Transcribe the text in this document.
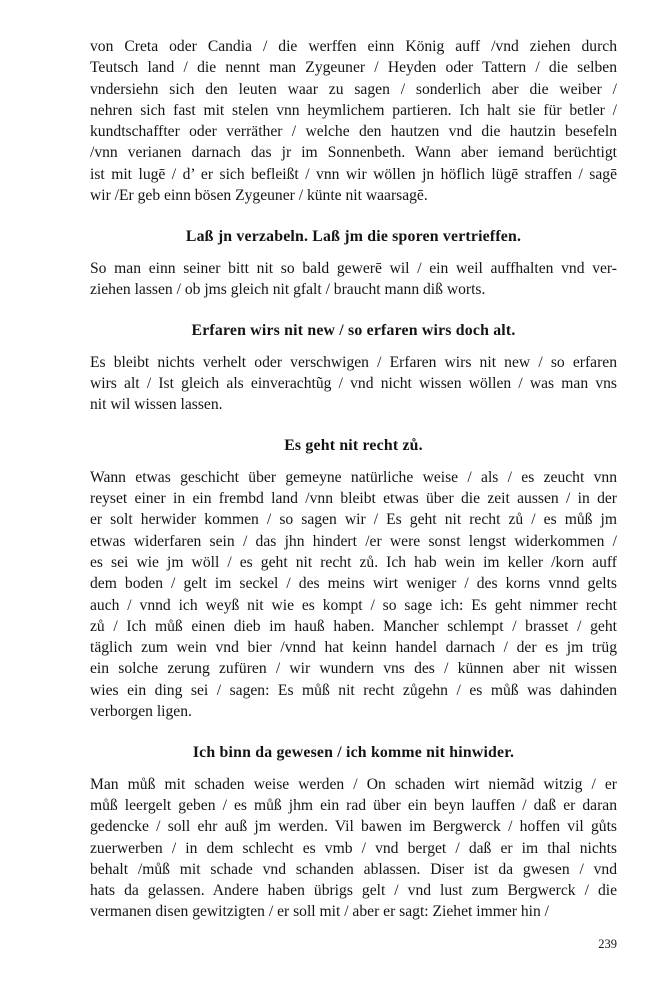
von Creta oder Candia / die werffen einn König auff /vnd ziehen durch
Teutsch land / die nennt man Zygeuner / Heyden oder Tattern / die selben
vndersiehn sich den leuten waar zu sagen / sonderlich aber die weiber /
nehren sich fast mit stelen vnn heymlichem partieren. Ich halt sie für betler /
kundtschaffter oder verräther / welche den hautzen vnd die hautzin besefeln
/vnn verianen darnach das jr im Sonnenbeth. Wann aber iemand berüchtigt
ist mit lugē / d’ er sich befleißt / vnn wir wöllen jn höflich lügē straffen / sagē
wir /Er geb einn bösen Zygeuner / künte nit waarsagē.

Laß jn verzabeln. Laß jm die sporen vertrieffen.

So man einn seiner bitt nit so bald gewerē wil / ein weil auffhalten vnd ver-
ziehen lassen / ob jms gleich nit gfalt / braucht mann diß worts.

Erfaren wirs nit new / so erfaren wirs doch alt.

Es bleibt nichts verhelt oder verschwigen / Erfaren wirs nit new / so erfaren
wirs alt / Ist gleich als einverachtũg / vnd nicht wissen wöllen / was man vns
nit wil wissen lassen.

Es geht nit recht zů.

Wann etwas geschicht über gemeyne natürliche weise / als / es zeucht vnn
reyset einer in ein frembd land /vnn bleibt etwas über die zeit aussen / in der
er solt herwider kommen / so sagen wir / Es geht nit recht zů / es můß jm
etwas widerfaren sein / das jhn hindert /er were sonst lengst widerkommen /
es sei wie jm wöll / es geht nit recht zů. Ich hab wein im keller /korn auff
dem boden / gelt im seckel / des meins wirt weniger / des korns vnnd gelts
auch / vnnd ich weyß nit wie es kompt / so sage ich: Es geht nimmer recht
zů / Ich můß einen dieb im hauß haben. Mancher schlempt / brasset / geht
täglich zum wein vnd bier /vnnd hat keinn handel darnach / der es jm trüg
ein solche zerung zufüren / wir wundern vns des / künnen aber nit wissen
wies ein ding sei / sagen: Es můß nit recht zůgehn / es můß was dahinden
verborgen ligen.

Ich binn da gewesen / ich komme nit hinwider.

Man můß mit schaden weise werden / On schaden wirt niemãd witzig / er
můß leergelt geben / es můß jhm ein rad über ein beyn lauffen / daß er daran
gedencke / soll ehr auß jm werden. Vil bawen im Bergwerck / hoffen vil gůts
zuerwerben / in dem schlecht es vmb / vnd berget / daß er im thal nichts
behalt /můß mit schade vnd schanden ablassen. Diser ist da gwesen / vnd
hats da gelassen. Andere haben übrigs gelt / vnd lust zum Bergwerck / die
vermanen disen gewitzigten / er soll mit / aber er sagt: Ziehet immer hin /

239
